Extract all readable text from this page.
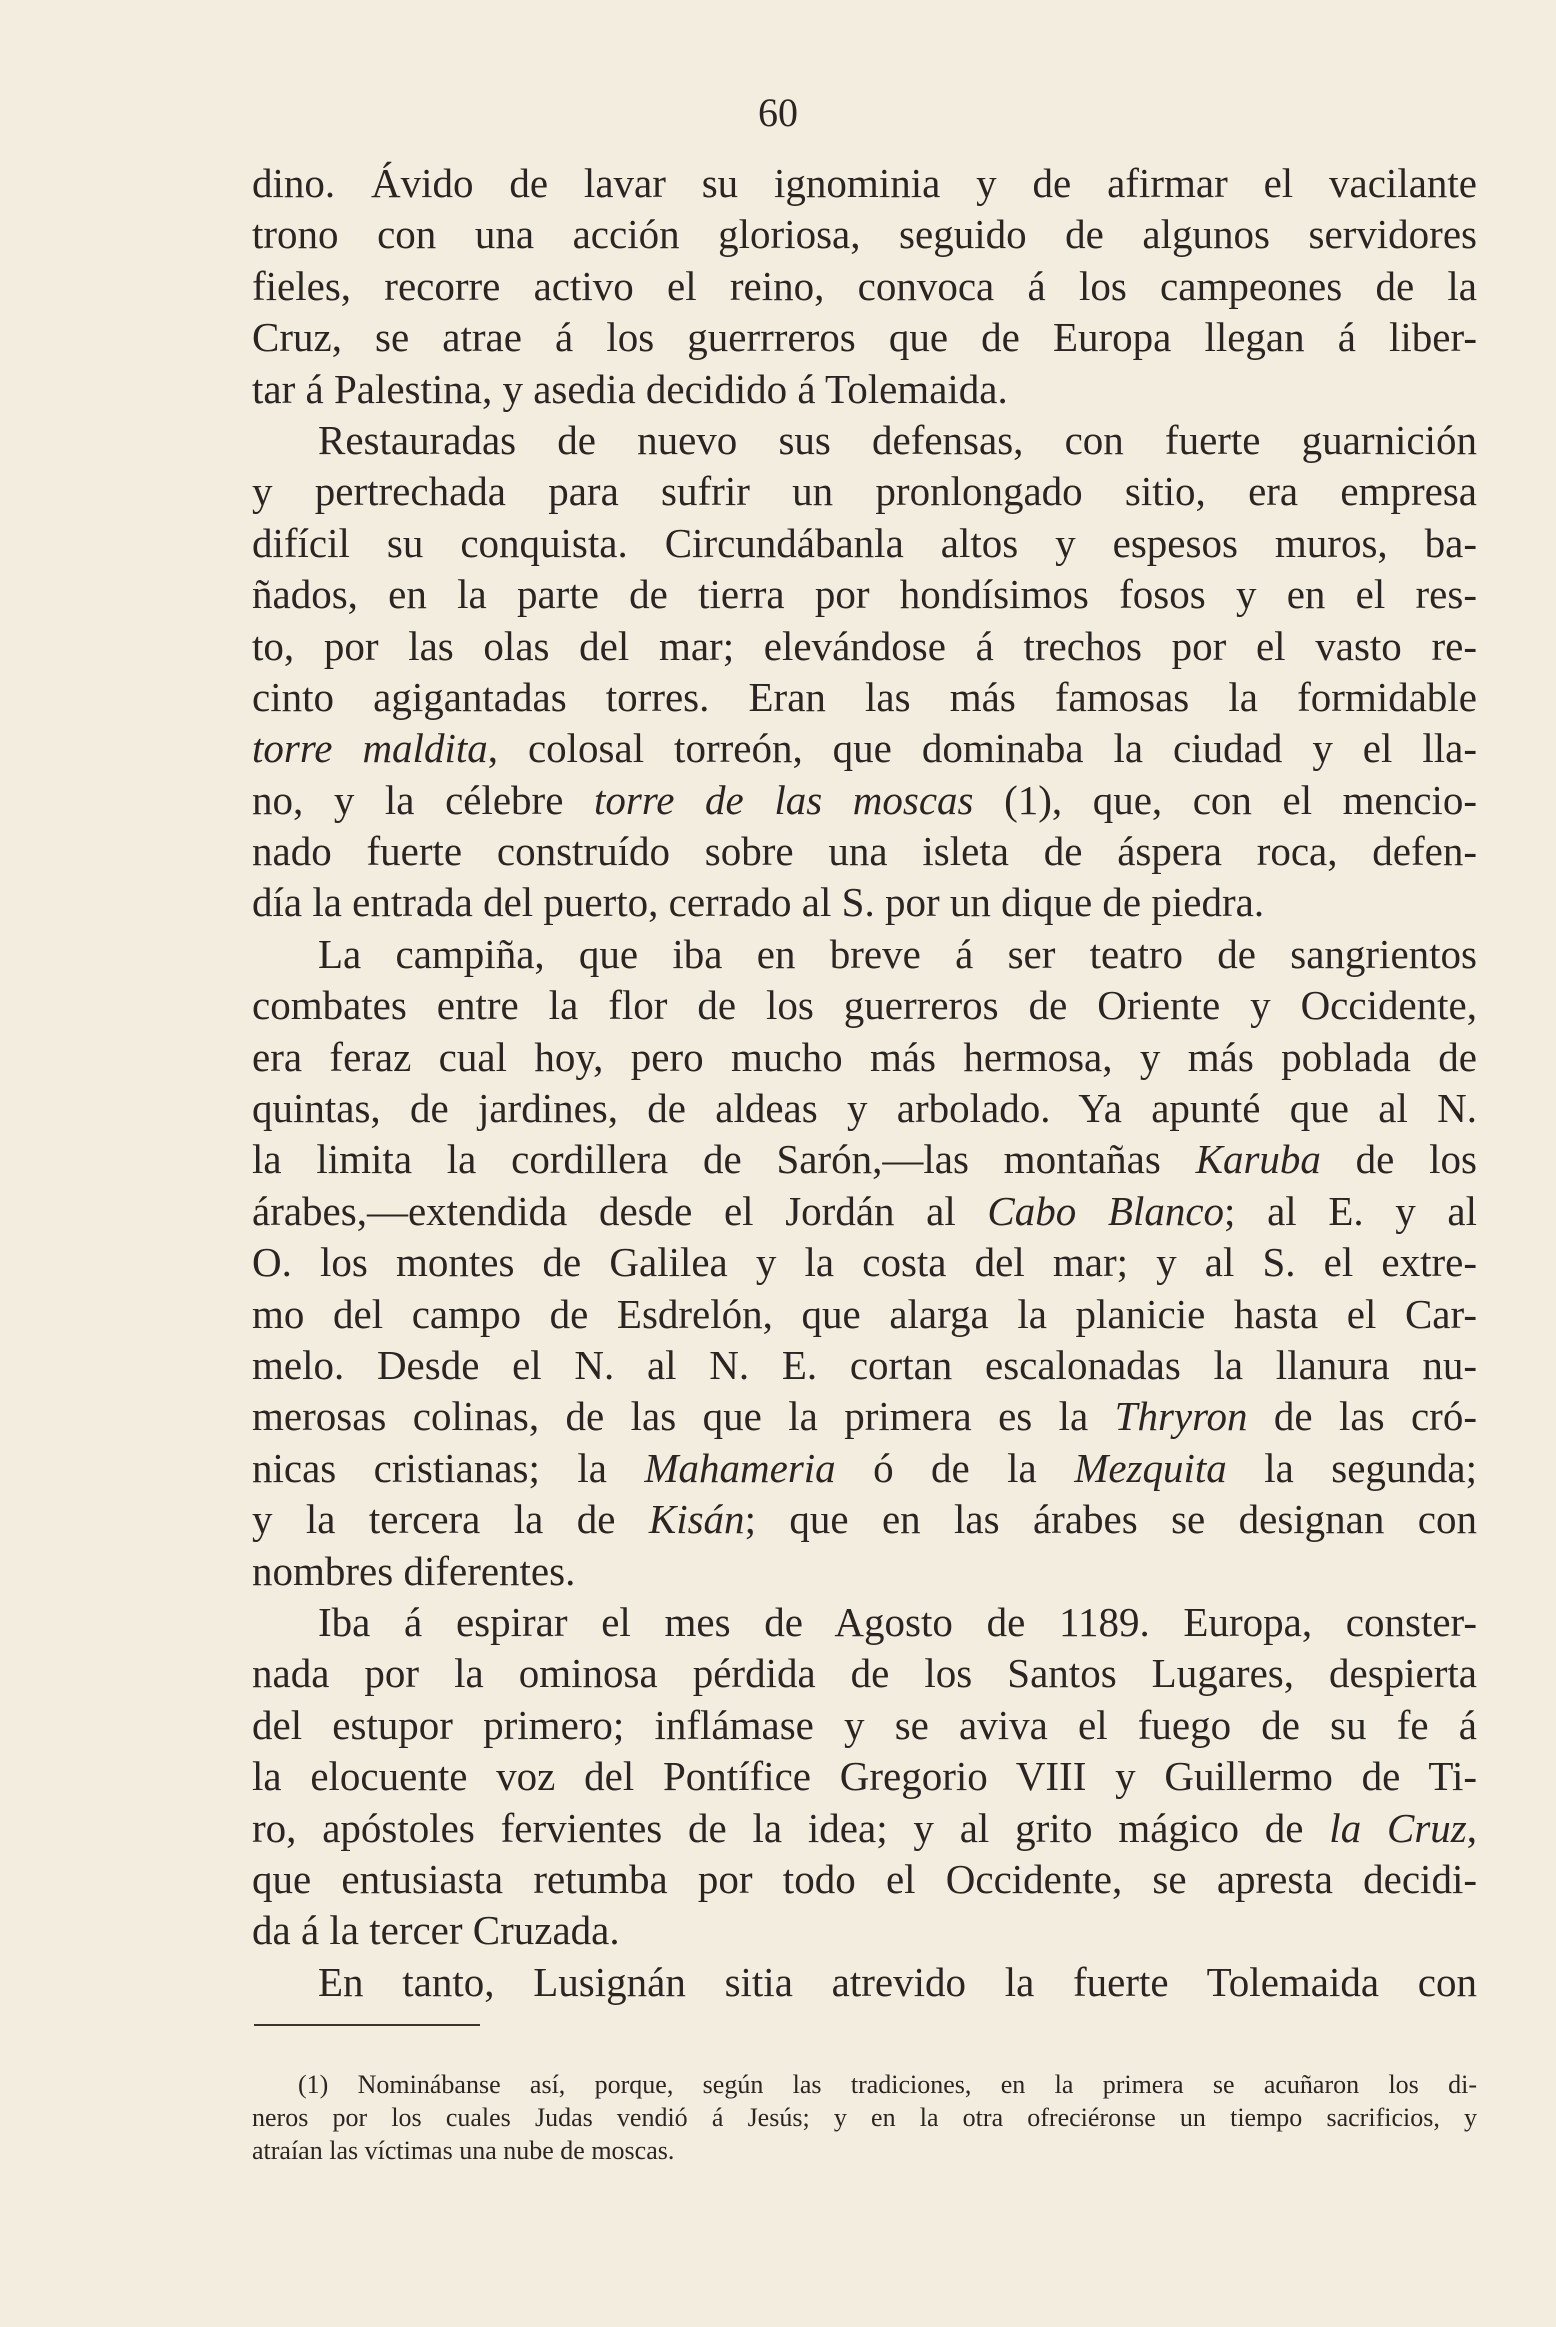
60
dino. Ávido de lavar su ignominia y de afirmar el vacilante
trono con una acción gloriosa, seguido de algunos servidores
fieles, recorre activo el reino, convoca á los campeones de la
Cruz, se atrae á los guerrreros que de Europa llegan á liber-
tar á Palestina, y asedia decidido á Tolemaida.
Restauradas de nuevo sus defensas, con fuerte guarnición
y pertrechada para sufrir un pronlongado sitio, era empresa
difícil su conquista. Circundábanla altos y espesos muros, ba-
ñados, en la parte de tierra por hondísimos fosos y en el res-
to, por las olas del mar; elevándose á trechos por el vasto re-
cinto agigantadas torres. Eran las más famosas la formidable
torre maldita, colosal torreón, que dominaba la ciudad y el lla-
no, y la célebre torre de las moscas (1), que, con el mencio-
nado fuerte construído sobre una isleta de áspera roca, defen-
día la entrada del puerto, cerrado al S. por un dique de piedra.
La campiña, que iba en breve á ser teatro de sangrientos
combates entre la flor de los guerreros de Oriente y Occidente,
era feraz cual hoy, pero mucho más hermosa, y más poblada de
quintas, de jardines, de aldeas y arbolado. Ya apunté que al N.
la limita la cordillera de Sarón,—las montañas Karuba de los
árabes,—extendida desde el Jordán al Cabo Blanco; al E. y al
O. los montes de Galilea y la costa del mar; y al S. el extre-
mo del campo de Esdrelón, que alarga la planicie hasta el Car-
melo. Desde el N. al N. E. cortan escalonadas la llanura nu-
merosas colinas, de las que la primera es la Thryron de las cró-
nicas cristianas; la Mahameria ó de la Mezquita la segunda;
y la tercera la de Kisán; que en las árabes se designan con
nombres diferentes.
Iba á espirar el mes de Agosto de 1189. Europa, conster-
nada por la ominosa pérdida de los Santos Lugares, despierta
del estupor primero; inflámase y se aviva el fuego de su fe á
la elocuente voz del Pontífice Gregorio VIII y Guillermo de Ti-
ro, apóstoles fervientes de la idea; y al grito mágico de la Cruz,
que entusiasta retumba por todo el Occidente, se apresta decidi-
da á la tercer Cruzada.
En tanto, Lusignán sitia atrevido la fuerte Tolemaida con
(1) Nominábanse así, porque, según las tradiciones, en la primera se acuñaron los di-
neros por los cuales Judas vendió á Jesús; y en la otra ofreciéronse un tiempo sacrificios, y
atraían las víctimas una nube de moscas.
